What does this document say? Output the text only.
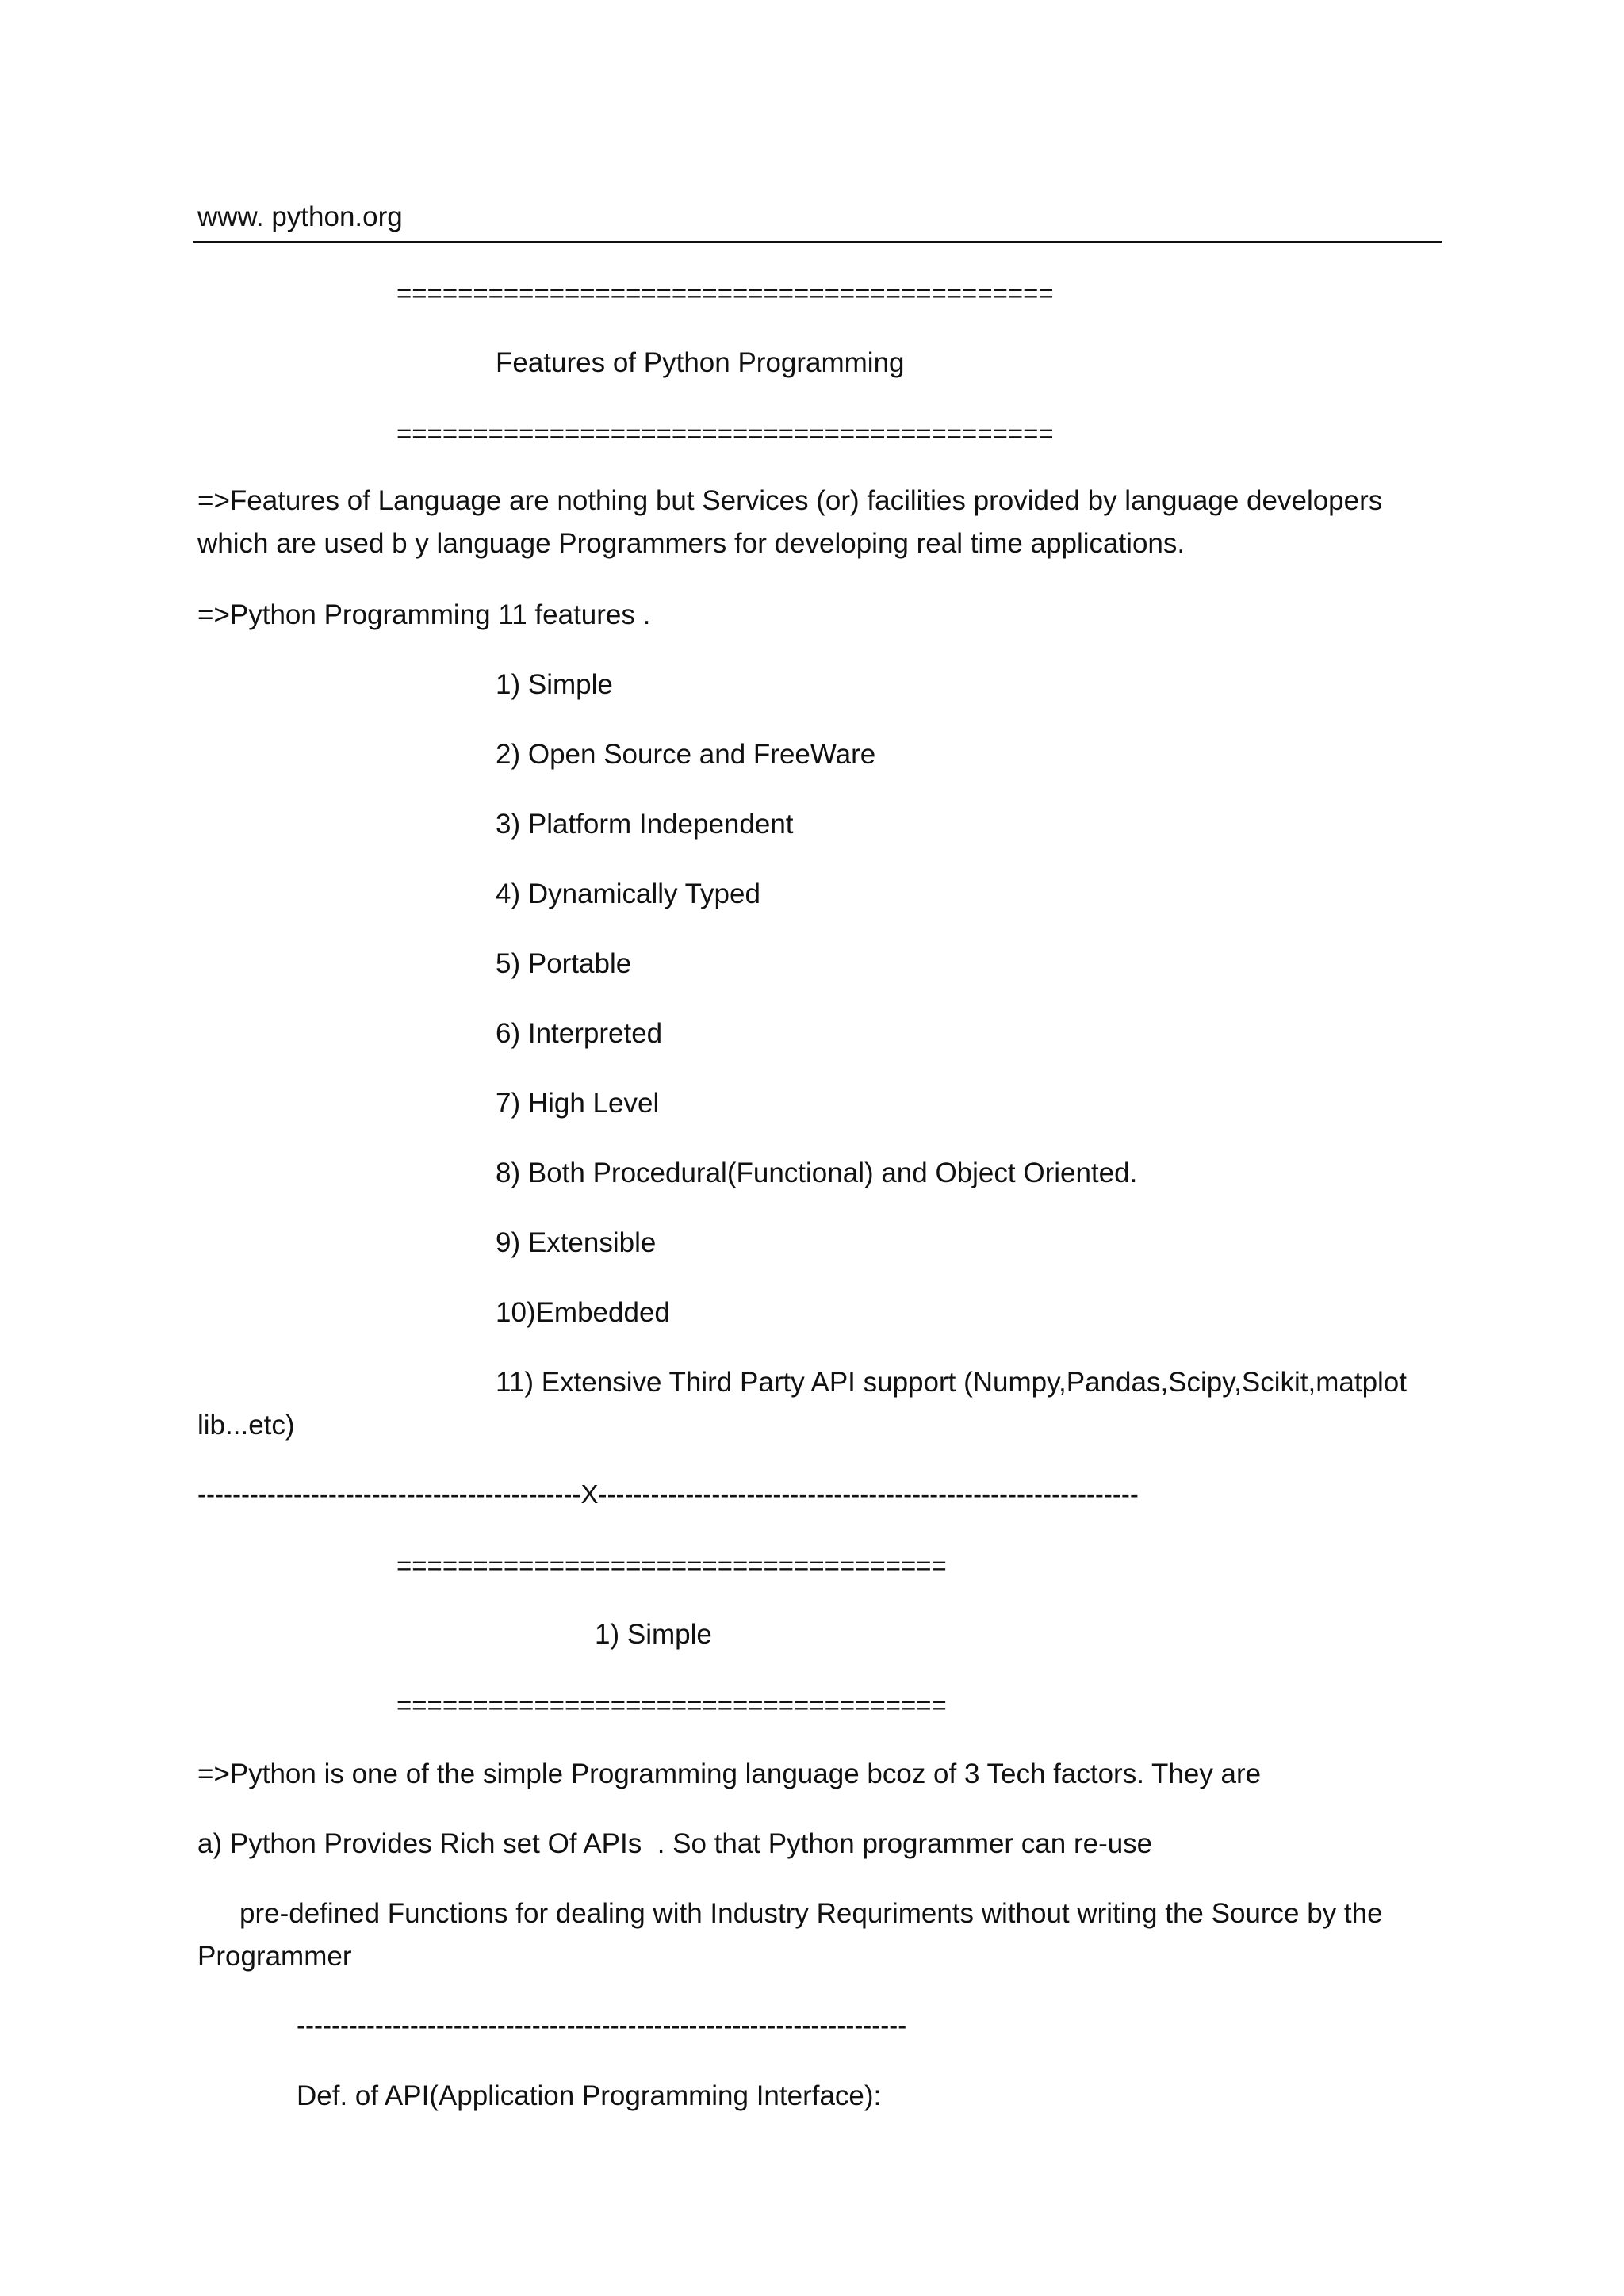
www. python.org
===========================================
Features of Python Programming
===========================================
=>Features of Language are nothing but Services (or) facilities provided by language developers which are used b y language Programmers for developing real time applications.
=>Python Programming 11 features .
1) Simple
2) Open Source and FreeWare
3) Platform Independent
4) Dynamically Typed
5) Portable
6) Interpreted
7) High Level
8) Both Procedural(Functional) and Object Oriented.
9) Extensible
10)Embedded
11) Extensive Third Party API support (Numpy,Pandas,Scipy,Scikit,matplot
lib...etc)
--------------------------------------------X--------------------------------------------------------------
====================================
1) Simple
====================================
=>Python is one of the simple Programming language bcoz of 3 Tech factors. They are
a) Python Provides Rich set Of APIs  . So that Python programmer can re-use
pre-defined Functions for dealing with Industry Requriments without writing the Source by the
Programmer
----------------------------------------------------------------------
Def. of API(Application Programming Interface):
